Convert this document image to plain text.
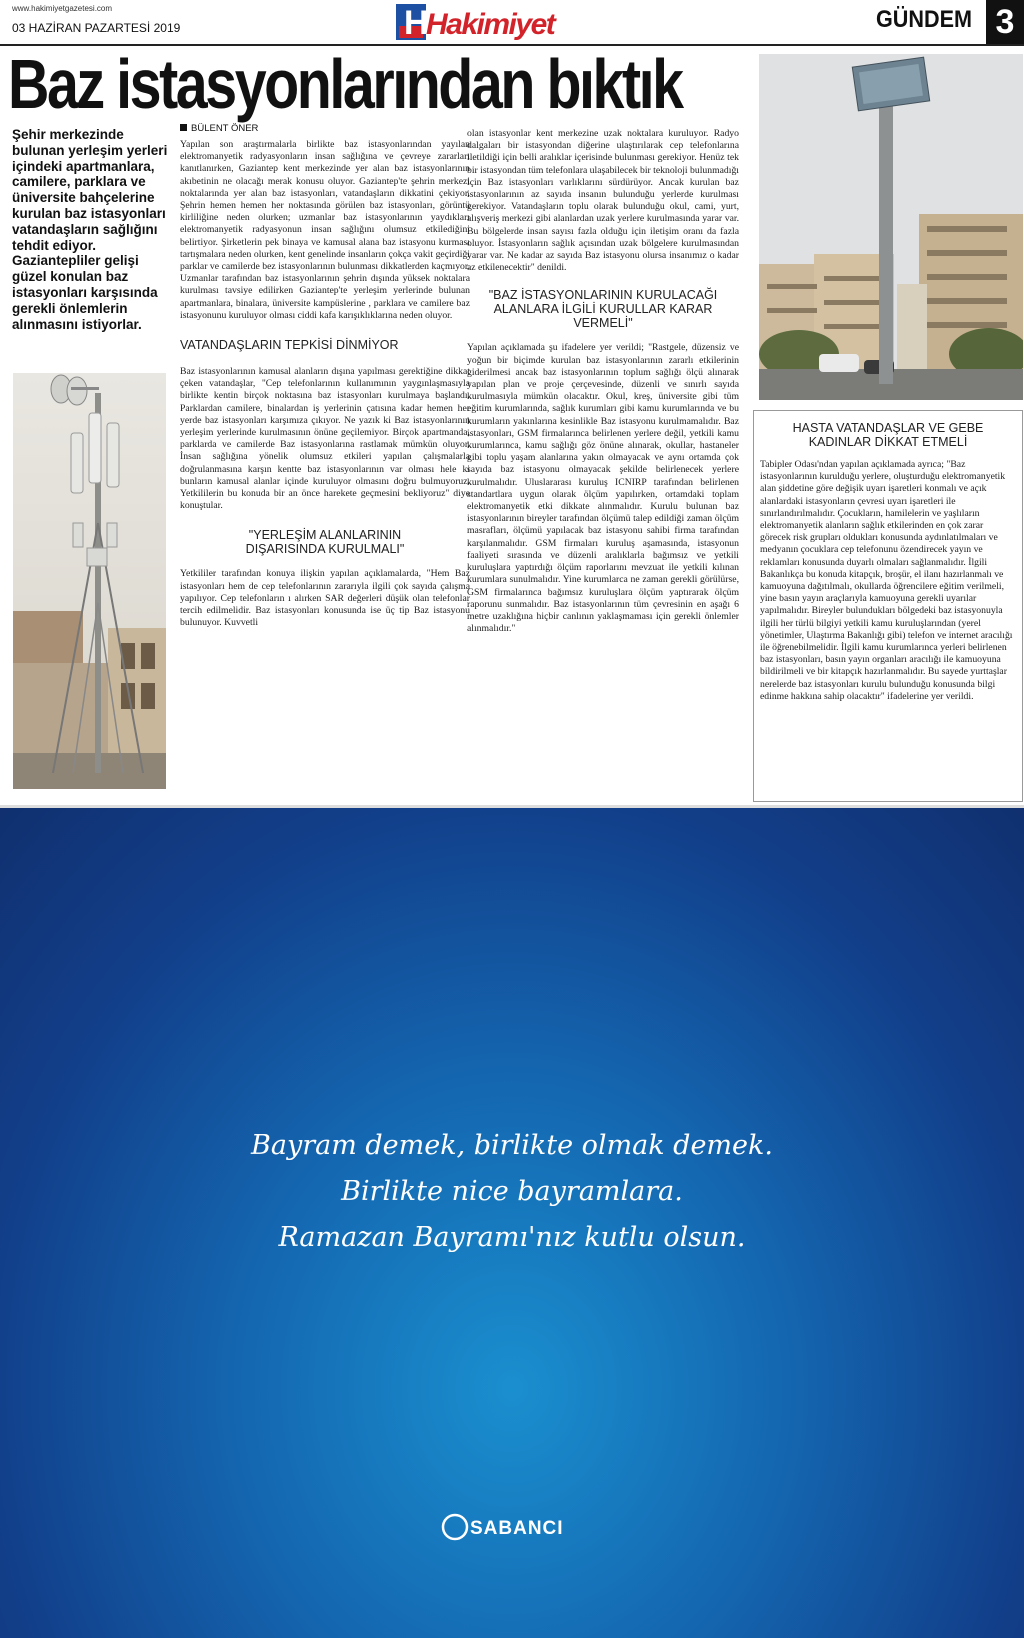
www.hakimiyetgazetesi.com
03 HAZİRAN PAZARTESİ 2019	H
Hakimiyet	GÜNDEM 3
Baz istasyonlarından bıktık
Şehir merkezinde bulunan yerleşim yerleri içindeki apartmanlara, camilere, parklara ve üniversite bahçelerine kurulan baz istasyonları vatandaşların sağlığını tehdit ediyor. Gaziantepliler gelişi güzel konulan baz istasyonları karşısında gerekli önlemlerin alınmasını istiyorlar.
BÜLENT ÖNER

Yapılan son araştırmalarla birlikte baz istasyonlarından yayılan elektromanyetik radyasyonların insan sağlığına ve çevreye zararları kanıtlanırken, Gaziantep kent merkezinde yer alan baz istasyonlarının akıbetinin ne olacağı merak konusu oluyor. Gaziantep'te şehrin merkezi noktalarında yer alan baz istasyonları, vatandaşların dikkatini çekiyor. Şehrin hemen hemen her noktasında görülen baz istasyonları, görüntü kirliliğine neden olurken; uzmanlar baz istasyonlarının yaydıkları elektromanyetik radyasyonun insan sağlığını olumsuz etkilediğini belirtiyor. Şirketlerin pek binaya ve kamusal alana baz istasyonu kurması tartışmalara neden olurken, kent genelinde insanların çokça vakit geçirdiği parklar ve camilerde bez istasyonlarının bulunması dikkatlerden kaçmıyor. Uzmanlar tarafından baz istasyonlarının şehrin dışında yüksek noktalara kurulması tavsiye edilirken Gaziantep'te yerleşim yerlerinde bulunan apartmanlara, binalara, üniversite kampüslerine , parklara ve camilere baz istasyonunu kuruluyor olması ciddi kafa karışıklıklarına neden oluyor.

VATANDAŞLARIN TEPKİSİ DİNMİYOR

Baz istasyonlarının kamusal alanların dışına yapılması gerektiğine dikkat çeken vatandaşlar, "Cep telefonlarının kullanımının yaygınlaşmasıyla birlikte kentin birçok noktasına baz istasyonları kurulmaya başlandı. Parklardan camilere, binalardan iş yerlerinin çatısına kadar hemen her yerde baz istasyonları karşımıza çıkıyor. Ne yazık ki Baz istasyonlarının yerleşim yerlerinde kurulmasının önüne geçilemiyor. Birçok apartmanda, parklarda ve camilerde Baz istasyonlarına rastlamak mümkün oluyor. İnsan sağlığına yönelik olumsuz etkileri yapılan çalışmalarla doğrulanmasına karşın kentte baz istasyonlarının var olması hele ki bunların kamusal alanlar içinde kuruluyor olmasını doğru bulmuyoruz. Yetkililerin bu konuda bir an önce harekete geçmesini bekliyoruz" diye konuştular.

"YERLEŞİM ALANLARININ DIŞARISINDA KURULMALI"

Yetkililer tarafından konuya ilişkin yapılan açıklamalarda, "Hem Baz istasyonları hem de cep telefonlarının zararıyla ilgili çok sayıda çalışma yapılıyor. Cep telefonların ı alırken SAR değerleri düşük olan telefonlar tercih edilmelidir. Baz istasyonları konusunda ise üç tip Baz istasyonu bulunuyor. Kuvvetli

olan istasyonlar kent merkezine uzak noktalara kuruluyor. Radyo dalgaları bir istasyondan diğerine ulaştırılarak cep telefonlarına iletildiği için belli aralıklar içerisinde bulunması gerekiyor. Henüz tek bir istasyondan tüm telefonlara ulaşabilecek bir teknoloji bulunmadığı için Baz istasyonları varlıklarını sürdürüyor. Ancak kurulan baz istasyonlarının az sayıda insanın bulunduğu yerlerde kurulması gerekiyor. Vatandaşların toplu olarak bulunduğu okul, cami, yurt, alışveriş merkezi gibi alanlardan uzak yerlere kurulmasında yarar var. Bu bölgelerde insan sayısı fazla olduğu için iletişim oranı da fazla oluyor. İstasyonların sağlık açısından uzak bölgelere kurulmasından yarar var. Ne kadar az sayıda Baz istasyonu olursa insanımız o kadar az etkilenecektir" denildi.

"BAZ İSTASYONLARININ KURULACAĞI ALANLARA İLGİLİ KURULLAR KARAR VERMELİ"

Yapılan açıklamada şu ifadelere yer verildi; "Rastgele, düzensiz ve yoğun bir biçimde kurulan baz istasyonlarının zararlı etkilerinin giderilmesi ancak baz istasyonlarının toplum sağlığı ölçü alınarak yapılan plan ve proje çerçevesinde, düzenli ve sınırlı sayıda kurulmasıyla mümkün olacaktır. Okul, kreş, üniversite gibi tüm eğitim kurumlarında, sağlık kurumları gibi kamu kurumlarında ve bu kurumların yakınlarına kesinlikle Baz istasyonu kurulmamalıdır. Baz istasyonları, GSM firmalarınca belirlenen yerlere değil, yetkili kamu kurumlarınca, kamu sağlığı göz önüne alınarak, okullar, hastaneler gibi toplu yaşam alanlarına yakın olmayacak ve aynı ortamda çok sayıda baz istasyonu olmayacak şekilde belirlenecek yerlere kurulmalıdır. Uluslararası kuruluş ICNIRP tarafından belirlenen standartlara uygun olarak ölçüm yapılırken, ortamdaki toplam elektromanyetik etki dikkate alınmalıdır. Kurulu bulunan baz istasyonlarının bireyler tarafından ölçümü talep edildiği zaman ölçüm masrafları, ölçümü yapılacak baz istasyonu sahibi firma tarafından karşılanmalıdır. GSM firmaları kuruluş aşamasında, istasyonun faaliyeti sırasında ve düzenli aralıklarla bağımsız ve yetkili kuruluşlara yaptırdığı ölçüm raporlarını mevzuat ile yetkili kılınan kurumlara sunulmalıdır. Yine kurumlarca ne zaman gerekli görülürse, GSM firmalarınca bağımsız kuruluşlara ölçüm yaptırarak ölçüm raporunu sunmalıdır. Baz istasyonlarının tüm çevresinin en aşağı 6 metre uzaklığına hiçbir canlının yaklaşmaması için gerekli önlemler alınmalıdır."

HASTA VATANDAŞLAR VE GEBE KADINLAR DİKKAT ETMELİ
Tabipler Odası'ndan yapılan açıklamada ayrıca; "Baz istasyonlarının kurulduğu yerlere, oluşturduğu elektromanyetik alan şiddetine göre değişik uyarı işaretleri konmalı ve açık alanlardaki istasyonların çevresi uyarı işaretleri ile sınırlandırılmalıdır. Çocukların, hamilelerin ve yaşlıların elektromanyetik alanların sağlık etkilerinden en çok zarar görecek risk grupları oldukları konusunda aydınlatılmaları ve medyanın çocuklara cep telefonunu özendirecek yayın ve reklamları konusunda duyarlı olmaları sağlanmalıdır. İlgili Bakanlıkça bu konuda kitapçık, broşür, el ilanı hazırlanmalı ve kamuoyuna dağıtılmalı, okullarda öğrencilere eğitim verilmeli, yine basın yayın araçlarıyla kamuoyuna gerekli uyarılar yapılmalıdır. Bireyler bulundukları bölgedeki baz istasyonuyla ilgili her türlü bilgiyi yetkili kamu kuruluşlarından (yerel yönetimler, Ulaştırma Bakanlığı gibi) telefon ve internet aracılığı ile öğrenebilmelidir. İlgili kamu kurumlarınca yerleri belirlenen baz istasyonları, basın yayın organları aracılığı ile kamuoyuna bildirilmeli ve bir kitapçık hazırlanmalıdır. Bu sayede yurttaşlar nerelerde baz istasyonları kurulu bulunduğu konusunda bilgi edinme hakkına sahip olacaktır" ifadelerine yer verildi.
Bayram demek, birlikte olmak demek.
Birlikte nice bayramlara.
Ramazan Bayramı'nız kutlu olsun.
SABANCI
